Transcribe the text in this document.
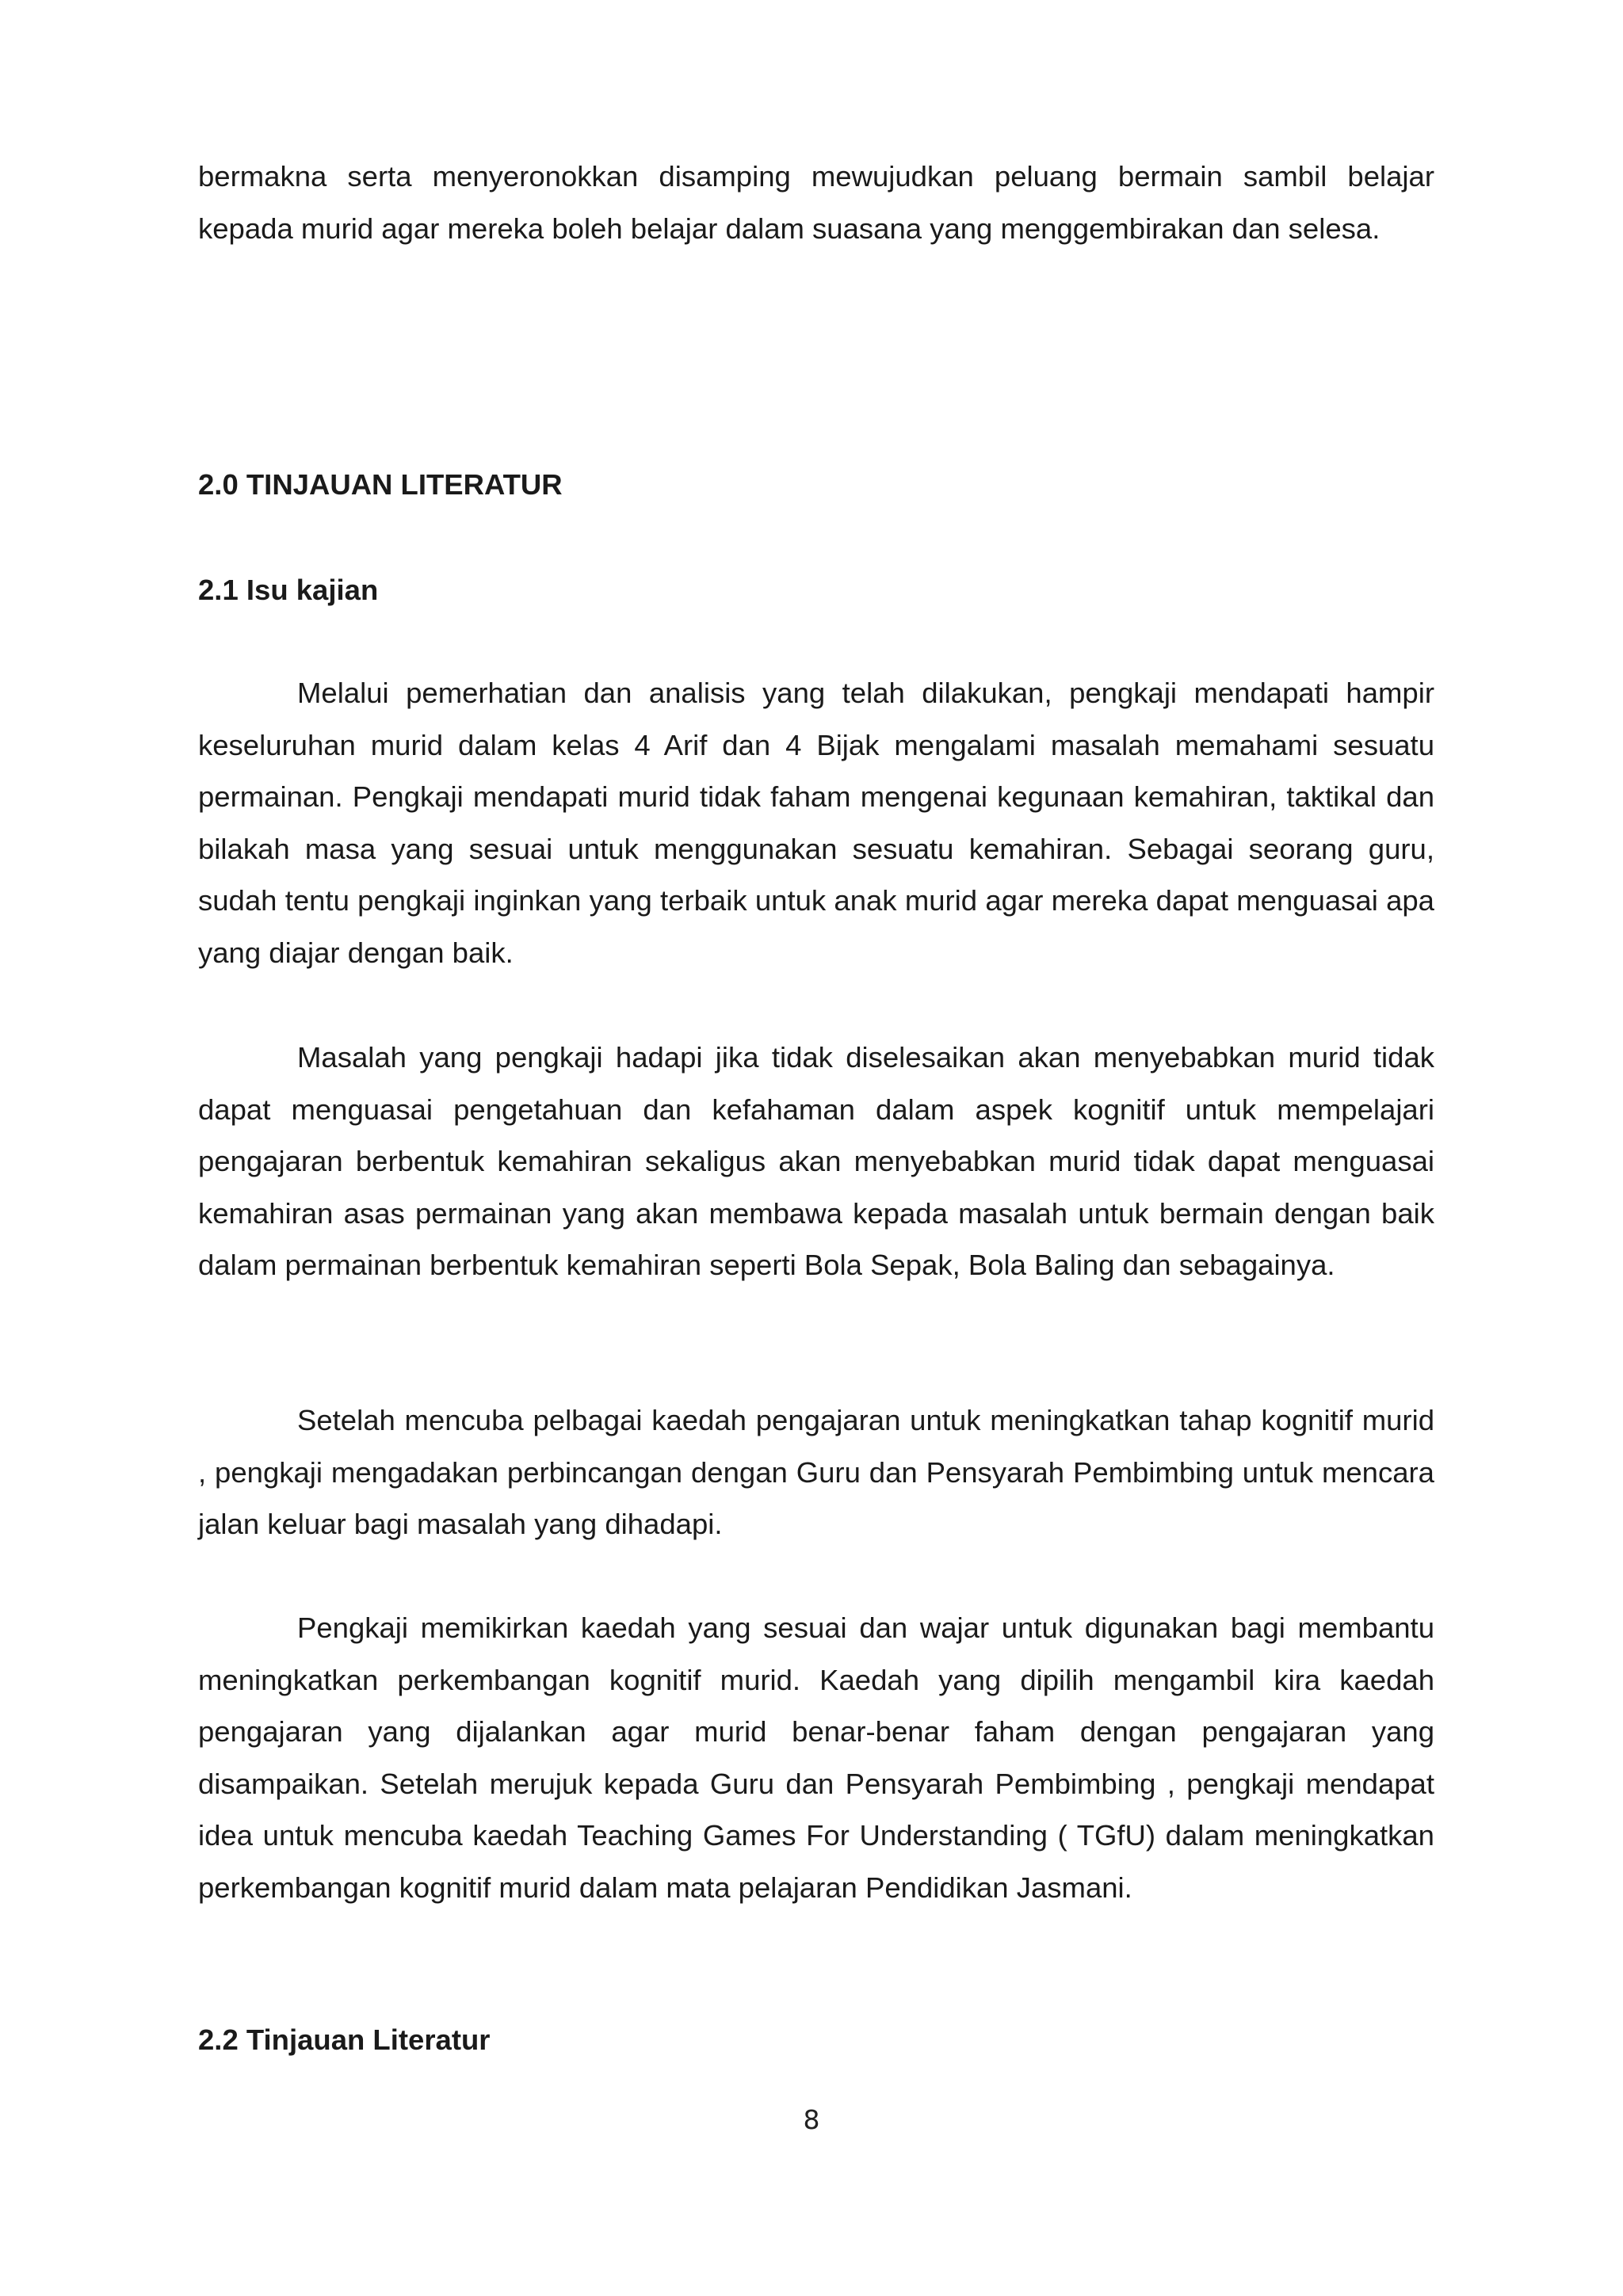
bermakna serta menyeronokkan disamping mewujudkan peluang bermain sambil belajar kepada murid agar mereka boleh belajar dalam suasana yang menggembirakan dan selesa.

2.0 TINJAUAN LITERATUR
2.1 Isu kajian

Melalui pemerhatian dan analisis yang telah dilakukan, pengkaji mendapati hampir keseluruhan murid dalam kelas 4 Arif dan 4 Bijak mengalami masalah memahami sesuatu permainan. Pengkaji mendapati murid tidak faham mengenai kegunaan kemahiran, taktikal dan bilakah masa yang sesuai untuk menggunakan sesuatu kemahiran. Sebagai seorang guru, sudah tentu pengkaji inginkan yang terbaik untuk anak murid agar mereka dapat menguasai apa yang diajar dengan baik.

Masalah yang pengkaji hadapi jika tidak diselesaikan akan menyebabkan murid tidak dapat menguasai pengetahuan dan kefahaman dalam aspek kognitif untuk mempelajari pengajaran berbentuk kemahiran sekaligus akan menyebabkan murid tidak dapat menguasai kemahiran asas permainan yang akan membawa kepada masalah untuk bermain dengan baik dalam permainan berbentuk kemahiran seperti Bola Sepak, Bola Baling dan sebagainya.

Setelah mencuba pelbagai kaedah pengajaran untuk meningkatkan tahap kognitif murid , pengkaji mengadakan perbincangan dengan Guru dan Pensyarah Pembimbing untuk mencara jalan keluar bagi masalah yang dihadapi.

Pengkaji memikirkan kaedah yang sesuai dan wajar untuk digunakan bagi membantu meningkatkan perkembangan kognitif murid. Kaedah yang dipilih mengambil kira kaedah pengajaran yang dijalankan agar murid benar-benar faham dengan pengajaran yang disampaikan. Setelah merujuk kepada Guru dan Pensyarah Pembimbing , pengkaji mendapat idea untuk mencuba kaedah Teaching Games For Understanding ( TGfU) dalam meningkatkan perkembangan kognitif murid dalam mata pelajaran Pendidikan Jasmani.

2.2 Tinjauan Literatur
8
